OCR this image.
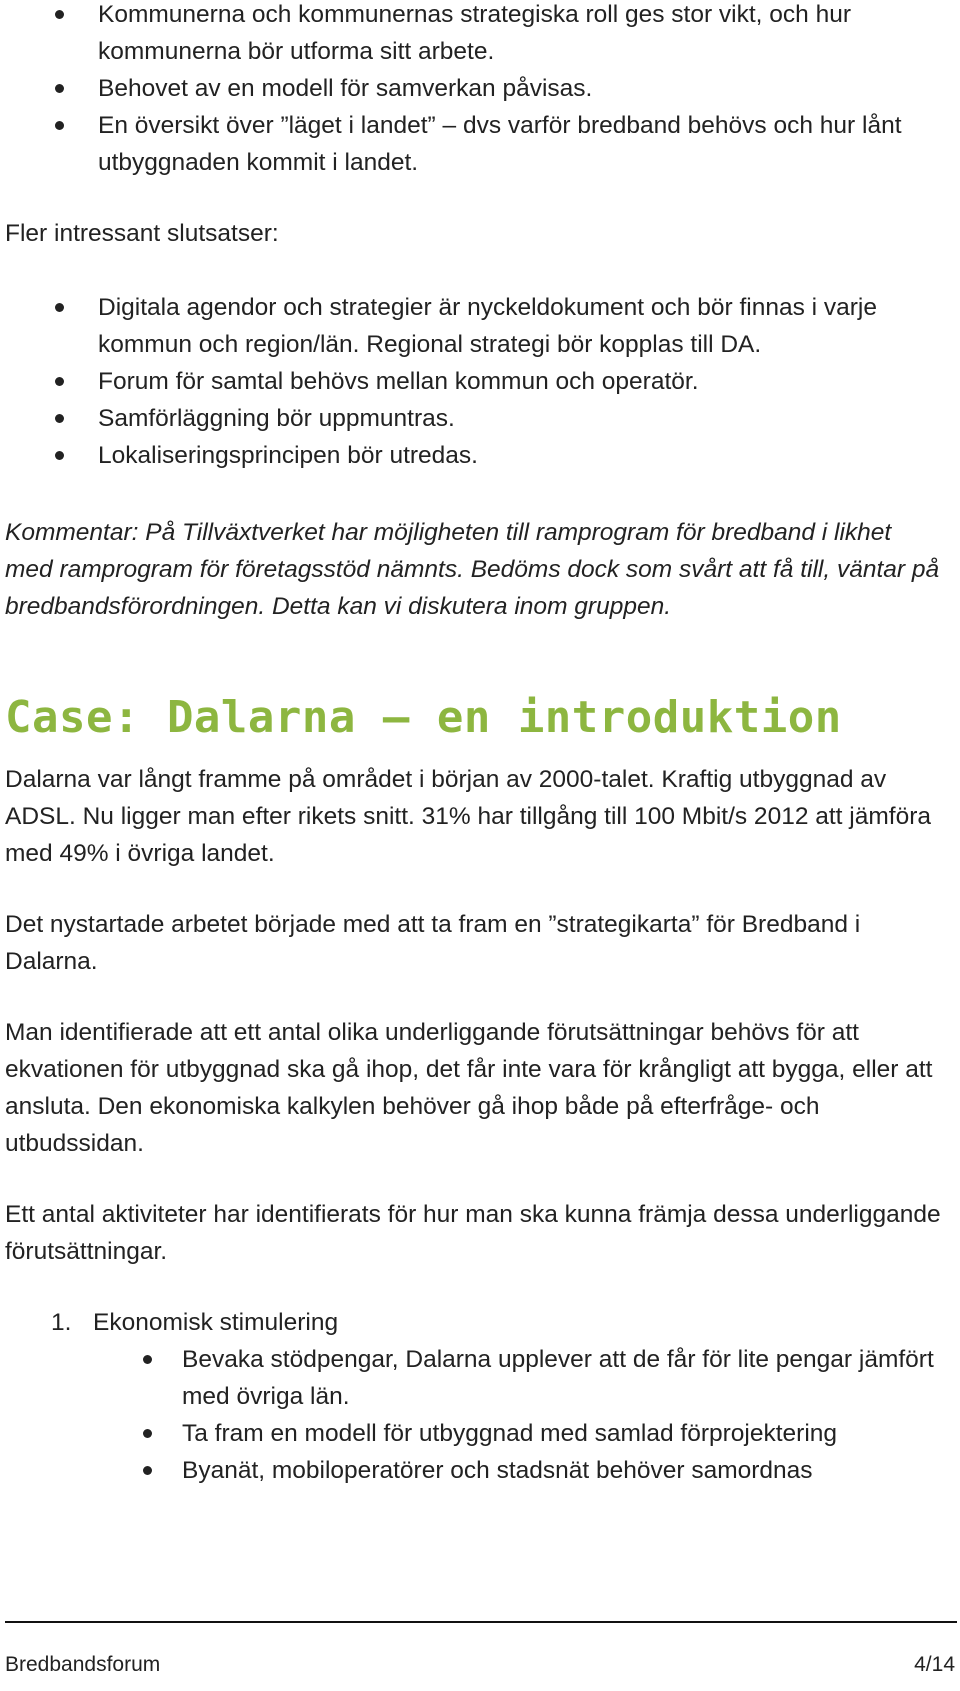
Kommunerna och kommunernas strategiska roll ges stor vikt, och hur kommunerna bör utforma sitt arbete.
Behovet av en modell för samverkan påvisas.
En översikt över ”läget i landet” – dvs varför bredband behövs och hur lånt utbyggnaden kommit i landet.

Fler intressant slutsatser:

Digitala agendor och strategier är nyckeldokument och bör finnas i varje kommun och region/län. Regional strategi bör kopplas till DA.
Forum för samtal behövs mellan kommun och operatör.
Samförläggning bör uppmuntras.
Lokaliseringsprincipen bör utredas.

Kommentar: På Tillväxtverket har möjligheten till ramprogram för bredband i likhet med ramprogram för företagsstöd nämnts. Bedöms dock som svårt att få till, väntar på bredbandsförordningen. Detta kan vi diskutera inom gruppen.

Case: Dalarna – en introduktion

Dalarna var långt framme på området i början av 2000-talet. Kraftig utbyggnad av ADSL. Nu ligger man efter rikets snitt. 31% har tillgång till 100 Mbit/s 2012 att jämföra med 49% i övriga landet.

Det nystartade arbetet började med att ta fram en ”strategikarta” för Bredband i Dalarna.

Man identifierade att ett antal olika underliggande förutsättningar behövs för att ekvationen för utbyggnad ska gå ihop, det får inte vara för krångligt att bygga, eller att ansluta. Den ekonomiska kalkylen behöver gå ihop både på efterfråge- och utbudssidan.

Ett antal aktiviteter har identifierats för hur man ska kunna främja dessa underliggande förutsättningar.

1. Ekonomisk stimulering
Bevaka stödpengar, Dalarna upplever att de får för lite pengar jämfört med övriga län.
Ta fram en modell för utbyggnad med samlad förprojektering
Byanät, mobiloperatörer och stadsnät behöver samordnas
Bredbandsforum	4/14
